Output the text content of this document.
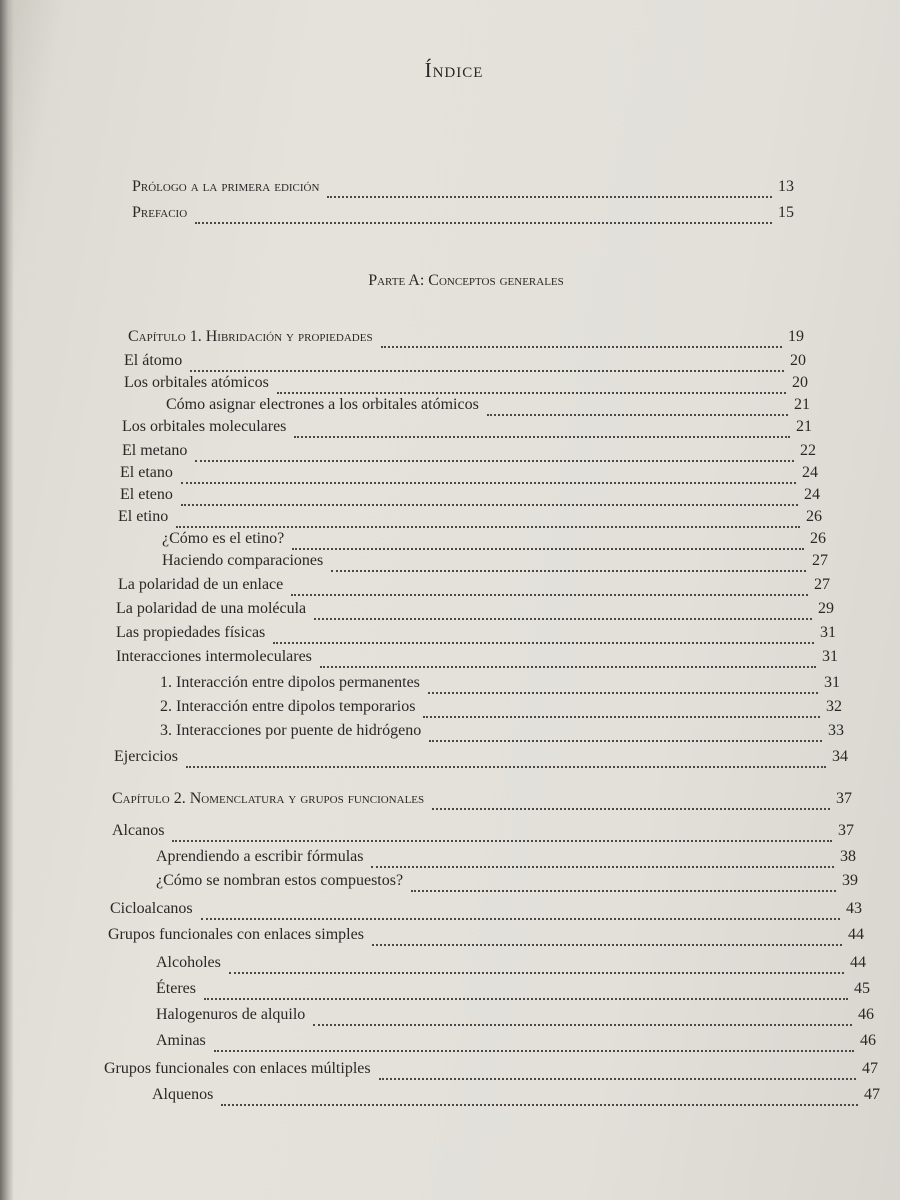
Índice
Prólogo a la primera edición	13
Prefacio	15
Parte A: Conceptos generales
Capítulo 1. Hibridación y propiedades	19
El átomo	20
Los orbitales atómicos	20
Cómo asignar electrones a los orbitales atómicos	21
Los orbitales moleculares	21
El metano	22
El etano	24
El eteno	24
El etino	26
¿Cómo es el etino?	26
Haciendo comparaciones	27
La polaridad de un enlace	27
La polaridad de una molécula	29
Las propiedades físicas	31
Interacciones intermoleculares	31
1. Interacción entre dipolos permanentes	31
2. Interacción entre dipolos temporarios	32
3. Interacciones por puente de hidrógeno	33
Ejercicios	34
Capítulo 2. Nomenclatura y grupos funcionales	37
Alcanos	37
Aprendiendo a escribir fórmulas	38
¿Cómo se nombran estos compuestos?	39
Cicloalcanos	43
Grupos funcionales con enlaces simples	44
Alcoholes	44
Éteres	45
Halogenuros de alquilo	46
Aminas	46
Grupos funcionales con enlaces múltiples	47
Alquenos	47
